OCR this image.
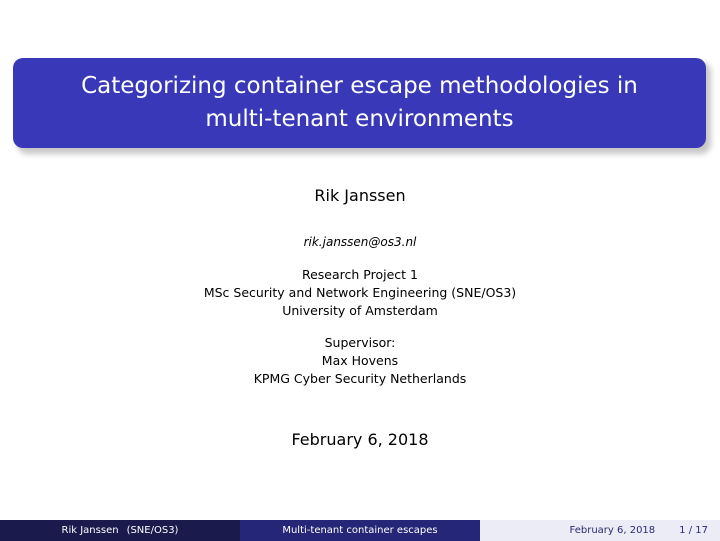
Categorizing container escape methodologies in multi-tenant environments
Rik Janssen
rik.janssen@os3.nl
Research Project 1
MSc Security and Network Engineering (SNE/OS3)
University of Amsterdam
Supervisor:
Max Hovens
KPMG Cyber Security Netherlands
February 6, 2018
Rik Janssen (SNE/OS3)	Multi-tenant container escapes	February 6, 2018 1 / 17
